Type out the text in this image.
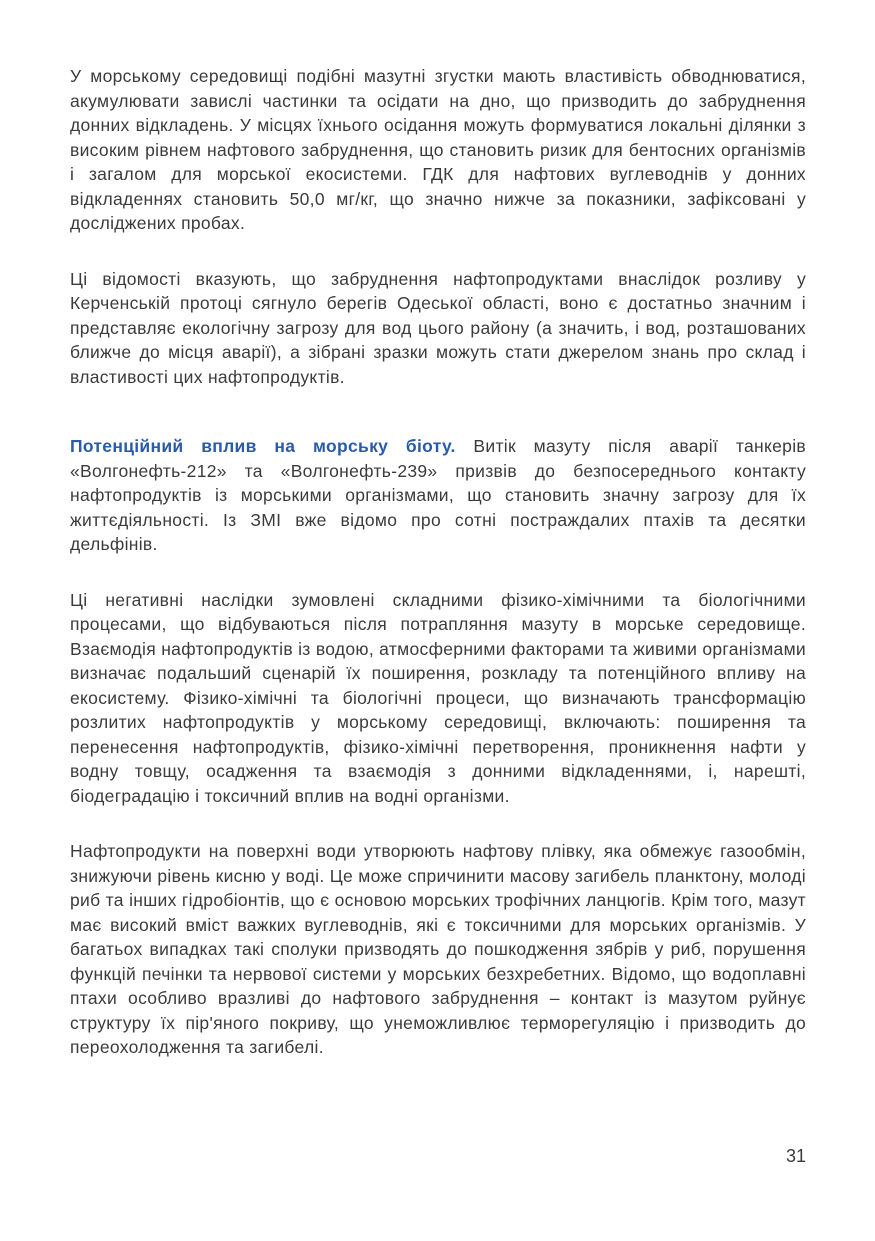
У морському середовищі подібні мазутні згустки мають властивість обводнюватися, акумулювати завислі частинки та осідати на дно, що призводить до забруднення донних відкладень. У місцях їхнього осідання можуть формуватися локальні ділянки з високим рівнем нафтового забруднення, що становить ризик для бентосних організмів і загалом для морської екосистеми. ГДК для нафтових вуглеводнів у донних відкладеннях становить 50,0 мг/кг, що значно нижче за показники, зафіксовані у досліджених пробах.

Ці відомості вказують, що забруднення нафтопродуктами внаслідок розливу у Керченській протоці сягнуло берегів Одеської області, воно є достатньо значним і представляє екологічну загрозу для вод цього району (а значить, і вод, розташованих ближче до місця аварії), а зібрані зразки можуть стати джерелом знань про склад і властивості цих нафтопродуктів.

Потенційний вплив на морську біоту. Витік мазуту після аварії танкерів «Волгонефть-212» та «Волгонефть-239» призвів до безпосереднього контакту нафтопродуктів із морськими організмами, що становить значну загрозу для їх життєдіяльності. Із ЗМІ вже відомо про сотні постраждалих птахів та десятки дельфінів.

Ці негативні наслідки зумовлені складними фізико-хімічними та біологічними процесами, що відбуваються після потрапляння мазуту в морське середовище. Взаємодія нафтопродуктів із водою, атмосферними факторами та живими організмами визначає подальший сценарій їх поширення, розкладу та потенційного впливу на екосистему. Фізико-хімічні та біологічні процеси, що визначають трансформацію розлитих нафтопродуктів у морському середовищі, включають: поширення та перенесення нафтопродуктів, фізико-хімічні перетворення, проникнення нафти у водну товщу, осадження та взаємодія з донними відкладеннями, і, нарешті, біодеградацію і токсичний вплив на водні організми.

Нафтопродукти на поверхні води утворюють нафтову плівку, яка обмежує газообмін, знижуючи рівень кисню у воді. Це може спричинити масову загибель планктону, молоді риб та інших гідробіонтів, що є основою морських трофічних ланцюгів. Крім того, мазут має високий вміст важких вуглеводнів, які є токсичними для морських організмів. У багатьох випадках такі сполуки призводять до пошкодження зябрів у риб, порушення функцій печінки та нервової системи у морських безхребетних. Відомо, що водоплавні птахи особливо вразливі до нафтового забруднення – контакт із мазутом руйнує структуру їх пір'яного покриву, що унеможливлює терморегуляцію і призводить до переохолодження та загибелі.

31
